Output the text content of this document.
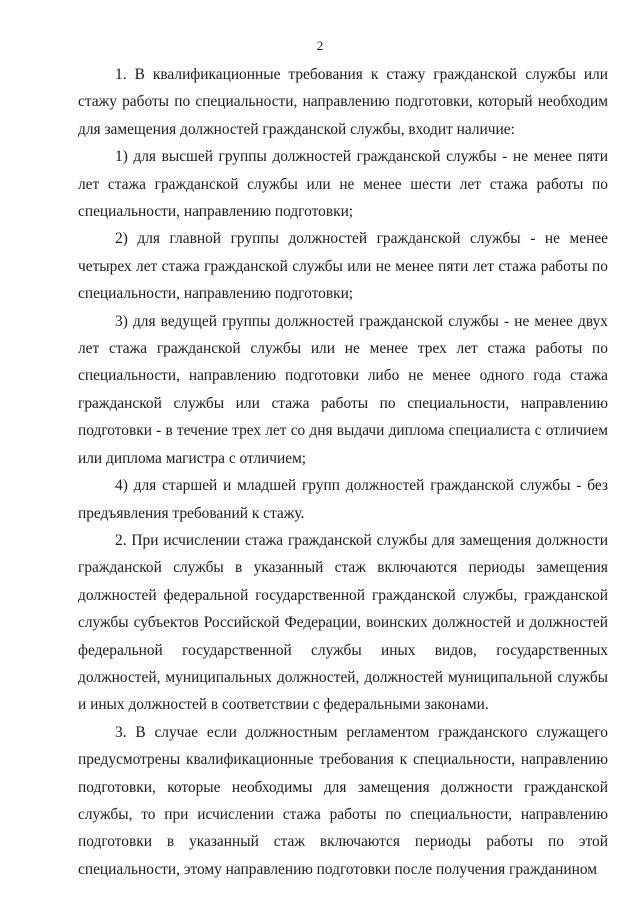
2

1. В квалификационные требования к стажу гражданской службы или стажу работы по специальности, направлению подготовки, который необходим для замещения должностей гражданской службы, входит наличие:

1) для высшей группы должностей гражданской службы - не менее пяти лет стажа гражданской службы или не менее шести лет стажа работы по специальности, направлению подготовки;

2) для главной группы должностей гражданской службы - не менее четырех лет стажа гражданской службы или не менее пяти лет стажа работы по специальности, направлению подготовки;

3) для ведущей группы должностей гражданской службы - не менее двух лет стажа гражданской службы или не менее трех лет стажа работы по специальности, направлению подготовки либо не менее одного года стажа гражданской службы или стажа работы по специальности, направлению подготовки - в течение трех лет со дня выдачи диплома специалиста с отличием или диплома магистра с отличием;

4) для старшей и младшей групп должностей гражданской службы - без предъявления требований к стажу.

2. При исчислении стажа гражданской службы для замещения должности гражданской службы в указанный стаж включаются периоды замещения должностей федеральной государственной гражданской службы, гражданской службы субъектов Российской Федерации, воинских должностей и должностей федеральной государственной службы иных видов, государственных должностей, муниципальных должностей, должностей муниципальной службы и иных должностей в соответствии с федеральными законами.

3. В случае если должностным регламентом гражданского служащего предусмотрены квалификационные требования к специальности, направлению подготовки, которые необходимы для замещения должности гражданской службы, то при исчислении стажа работы по специальности, направлению подготовки в указанный стаж включаются периоды работы по этой специальности, этому направлению подготовки после получения гражданином
